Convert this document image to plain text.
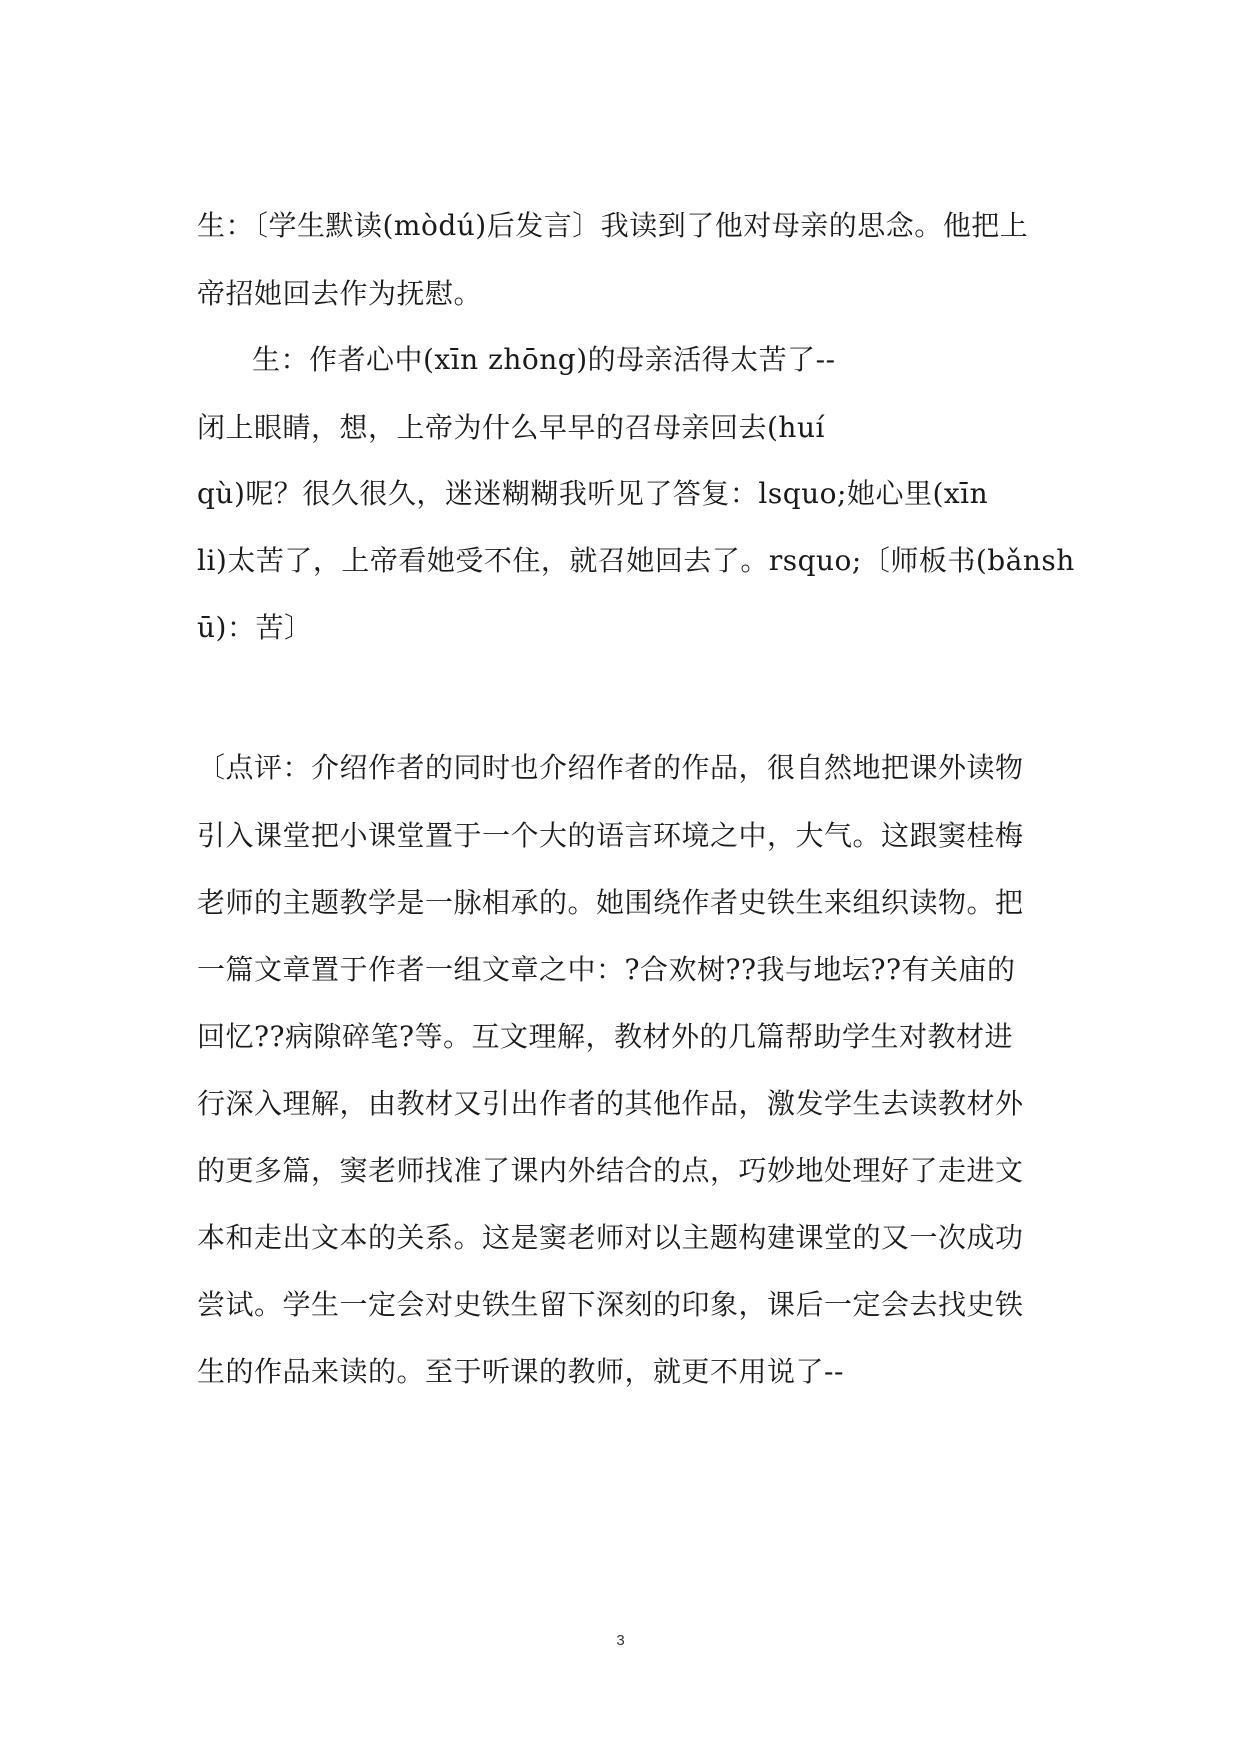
生：〔学生默读(mòdú)后发言〕我读到了他对母亲的思念。他把上
帝招她回去作为抚慰。
生：作者心中(xīn zhōng)的母亲活得太苦了--
闭上眼睛，想，上帝为什么早早的召母亲回去(huí
qù)呢？很久很久，迷迷糊糊我听见了答复：lsquo;她心里(xīn
li)太苦了，上帝看她受不住，就召她回去了。rsquo;〔师板书(bǎnsh
ū)：苦〕
〔点评：介绍作者的同时也介绍作者的作品，很自然地把课外读物
引入课堂把小课堂置于一个大的语言环境之中，大气。这跟窦桂梅
老师的主题教学是一脉相承的。她围绕作者史铁生来组织读物。把
一篇文章置于作者一组文章之中：?合欢树??我与地坛??有关庙的
回忆??病隙碎笔?等。互文理解，教材外的几篇帮助学生对教材进
行深入理解，由教材又引出作者的其他作品，激发学生去读教材外
的更多篇，窦老师找准了课内外结合的点，巧妙地处理好了走进文
本和走出文本的关系。这是窦老师对以主题构建课堂的又一次成功
尝试。学生一定会对史铁生留下深刻的印象，课后一定会去找史铁
生的作品来读的。至于听课的教师，就更不用说了--
3
